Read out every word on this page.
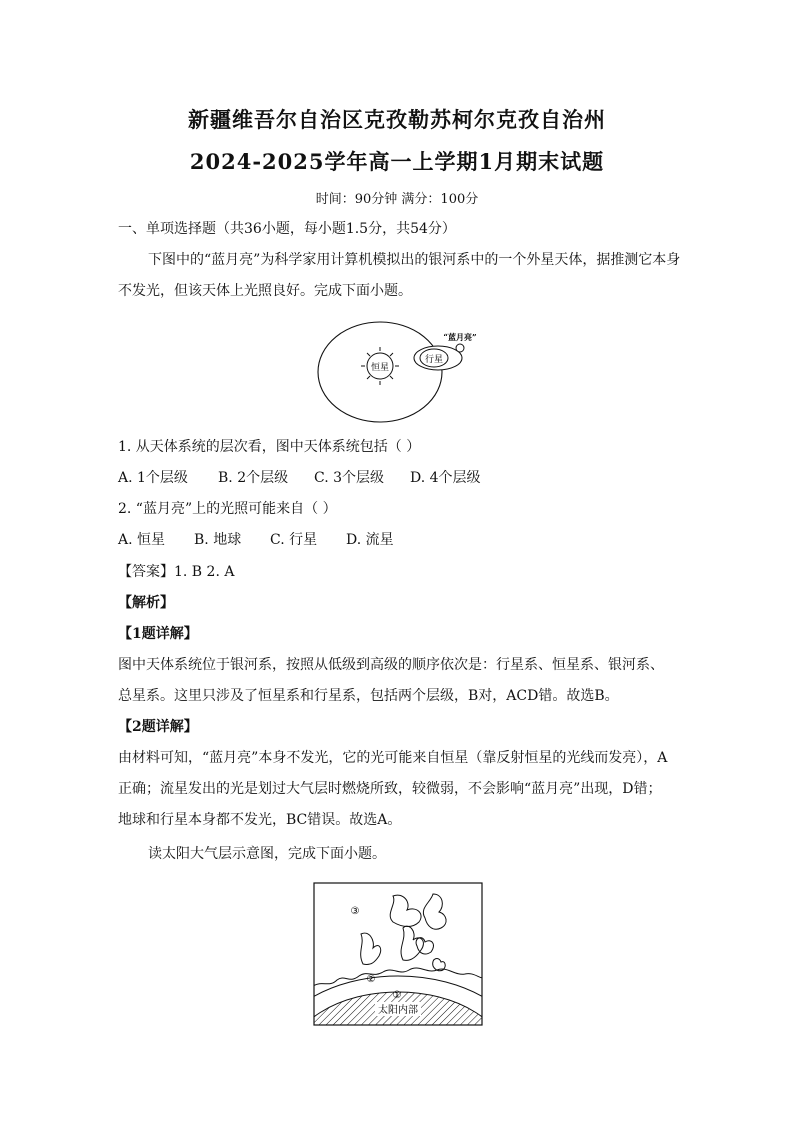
新疆维吾尔自治区克孜勒苏柯尔克孜自治州
2024-2025学年高一上学期1月期末试题
时间：90分钟 满分：100分
一、单项选择题（共36小题，每小题1.5分，共54分）
下图中的“蓝月亮”为科学家用计算机模拟出的银河系中的一个外星天体，据推测它本身
不发光，但该天体上光照良好。完成下面小题。
恒星
行星
“蓝月亮”
1. 从天体系统的层次看，图中天体系统包括（ ）
A. 1个层级 B. 2个层级 C. 3个层级 D. 4个层级
2. “蓝月亮”上的光照可能来自（ ）
A. 恒星 B. 地球 C. 行星 D. 流星
【答案】1. B 2. A
【解析】
【1题详解】
图中天体系统位于银河系，按照从低级到高级的顺序依次是：行星系、恒星系、银河系、
总星系。这里只涉及了恒星系和行星系，包括两个层级，B对，ACD错。故选B。
【2题详解】
由材料可知，“蓝月亮”本身不发光，它的光可能来自恒星（靠反射恒星的光线而发亮），A
正确；流星发出的光是划过大气层时燃烧所致，较微弱，不会影响“蓝月亮”出现，D错；
地球和行星本身都不发光，BC错误。故选A。
读太阳大气层示意图，完成下面小题。
③
②
①
太阳内部
